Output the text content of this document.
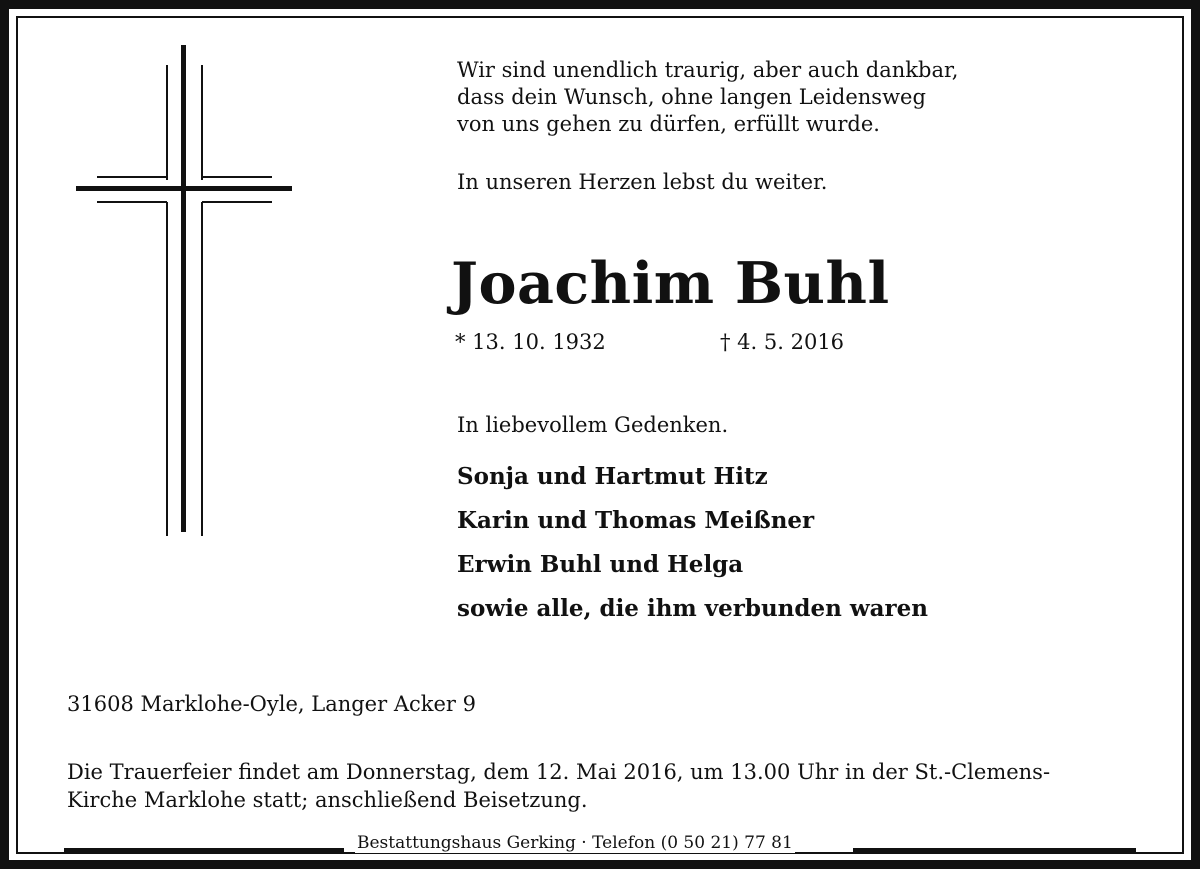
Wir sind unendlich traurig, aber auch dankbar,
dass dein Wunsch, ohne langen Leidensweg
von uns gehen zu dürfen, erfüllt wurde.
In unseren Herzen lebst du weiter.
Joachim Buhl
* 13. 10. 1932	† 4. 5. 2016
In liebevollem Gedenken.
Sonja und Hartmut Hitz
Karin und Thomas Meißner
Erwin Buhl und Helga
sowie alle, die ihm verbunden waren
31608 Marklohe-Oyle, Langer Acker 9
Die Trauerfeier findet am Donnerstag, dem 12. Mai 2016, um 13.00 Uhr in der St.-Clemens-
Kirche Marklohe statt; anschließend Beisetzung.
Bestattungshaus Gerking · Telefon (0 50 21) 77 81
